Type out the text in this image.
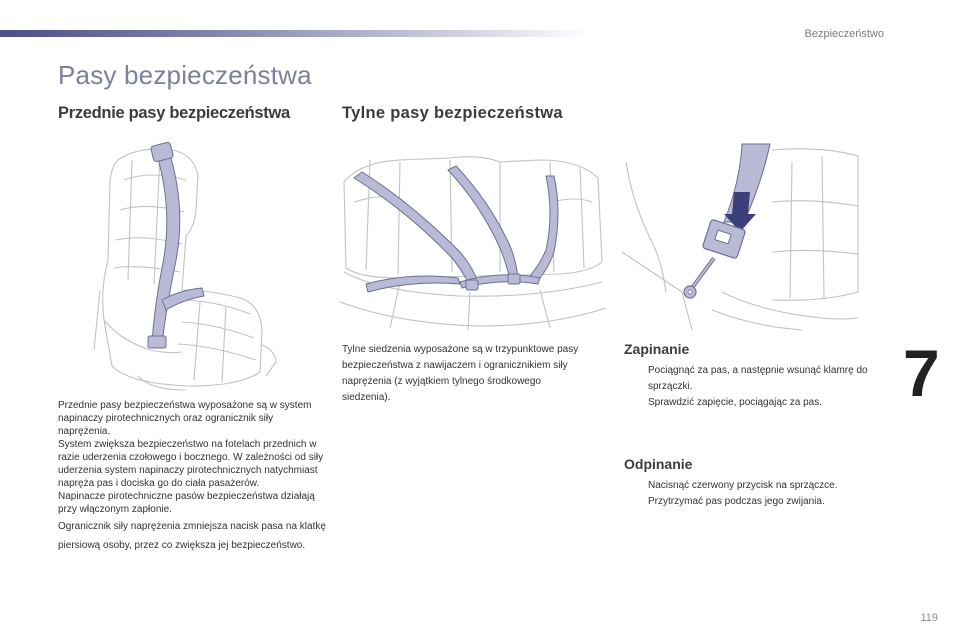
Bezpieczeństwo
Pasy bezpieczeństwa
Przednie pasy bezpieczeństwa	Tylne pasy bezpieczeństwa

Przednie pasy bezpieczeństwa wyposażone są w system napinaczy pirotechnicznych oraz ogranicznik siły naprężenia.

System zwiększa bezpieczeństwo na fotelach przednich w razie uderzenia czołowego i bocznego. W zależności od siły uderzenia system napinaczy pirotechnicznych natychmiast napręża pas i dociska go do ciała pasażerów.

Napinacze pirotechniczne pasów bezpieczeństwa działają przy włączonym zapłonie.

Ogranicznik siły naprężenia zmniejsza nacisk pasa na klatkę piersiową osoby, przez co zwiększa jej bezpieczeństwo.

Tylne siedzenia wyposażone są w trzypunktowe pasy bezpieczeństwa z nawijaczem i ogranicznikiem siły naprężenia (z wyjątkiem tylnego środkowego siedzenia).

Zapinanie
Pociągnąć za pas, a następnie wsunąć klamrę do sprzączki.
Sprawdzić zapięcie, pociągając za pas.
Odpinanie
Nacisnąć czerwony przycisk na sprzączce.
Przytrzymać pas podczas jego zwijania.
7
119
